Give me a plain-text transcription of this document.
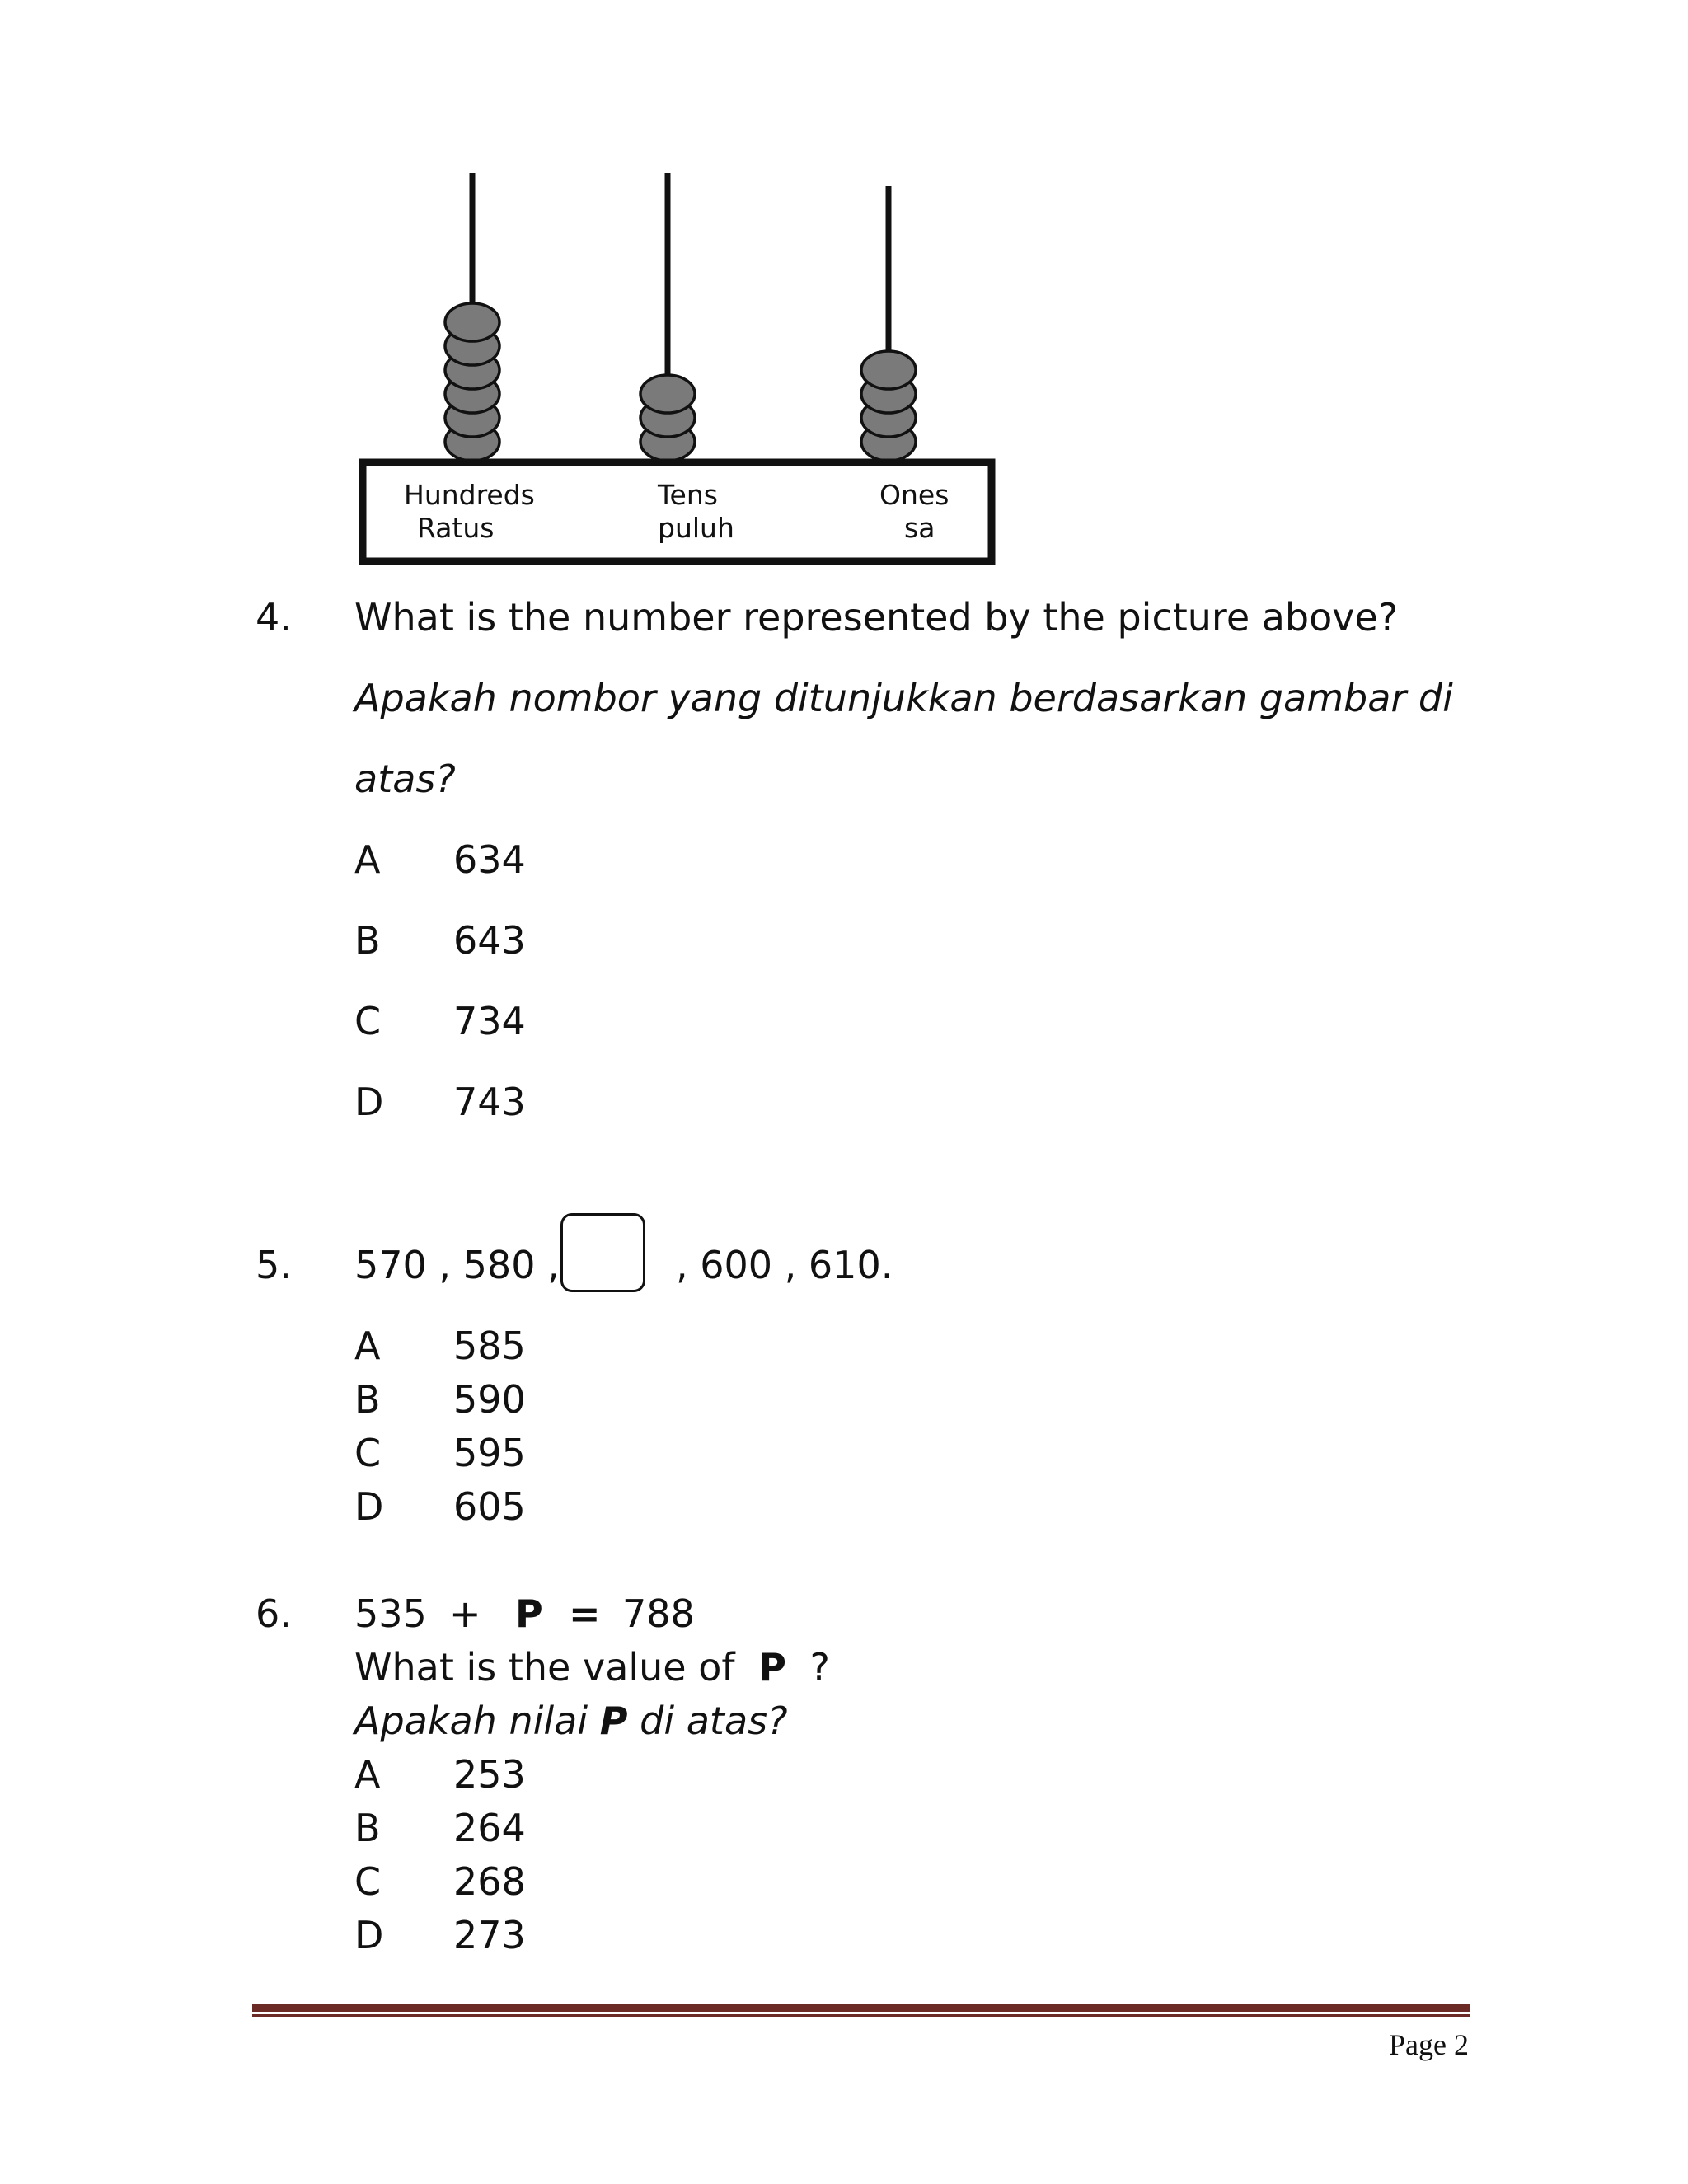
Hundreds
Ratus
Tens
puluh
Ones
sa
4. What is the number represented by the picture above?
Apakah nombor yang ditunjukkan berdasarkan gambar di
atas?
A 634
B 643
C 734
D 743
5. 570 , 580 ,	, 600 , 610.
A 585
B 590
C 595
D 605
6. 535 + P = 788
What is the value of P ?
Apakah nilai P di atas?
A 253
B 264
C 268
D 273
Page 2
